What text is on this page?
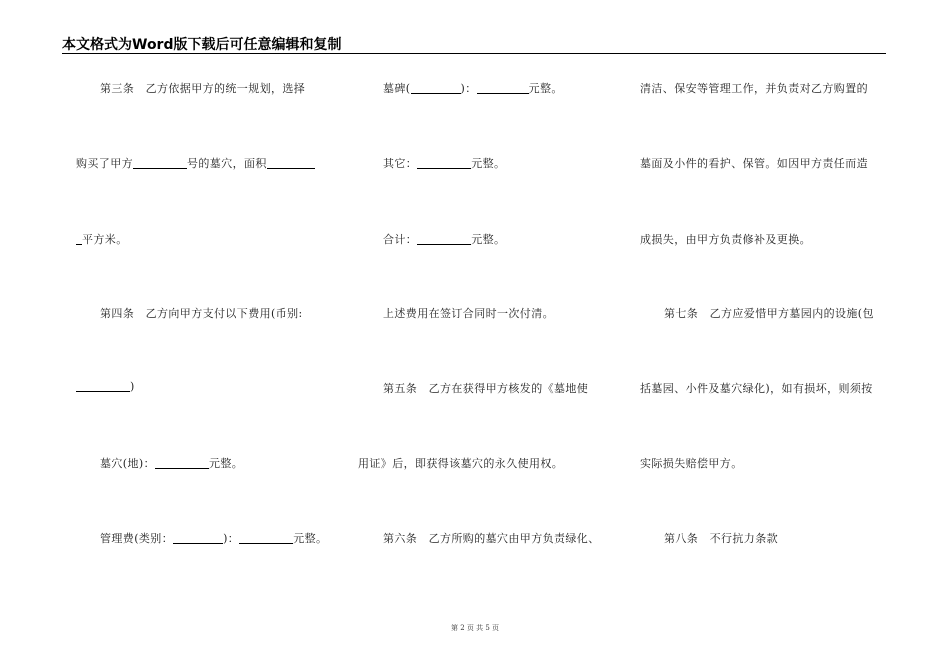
本文格式为Word版下载后可任意编辑和复制
第三条　乙方依据甲方的统一规划，选择
购买了甲方	号的墓穴，面积
平方米。
第四条　乙方向甲方支付以下费用(币别:
)
墓穴(地)：	元整。
管理费(类别：	)：	元整。
墓碑(	)：	元整。
其它：	元整。
合计：	元整。
上述费用在签订合同时一次付清。
第五条　乙方在获得甲方核发的《墓地使
用证》后，即获得该墓穴的永久使用权。
第六条　乙方所购的墓穴由甲方负责绿化、
清洁、保安等管理工作，并负责对乙方购置的
墓面及小件的看护、保管。如因甲方责任而造
成损失，由甲方负责修补及更换。
第七条　乙方应爱惜甲方墓园内的设施(包
括墓园、小件及墓穴绿化)，如有损坏，则须按
实际损失赔偿甲方。
第八条　不行抗力条款
第 2 页 共 5 页
